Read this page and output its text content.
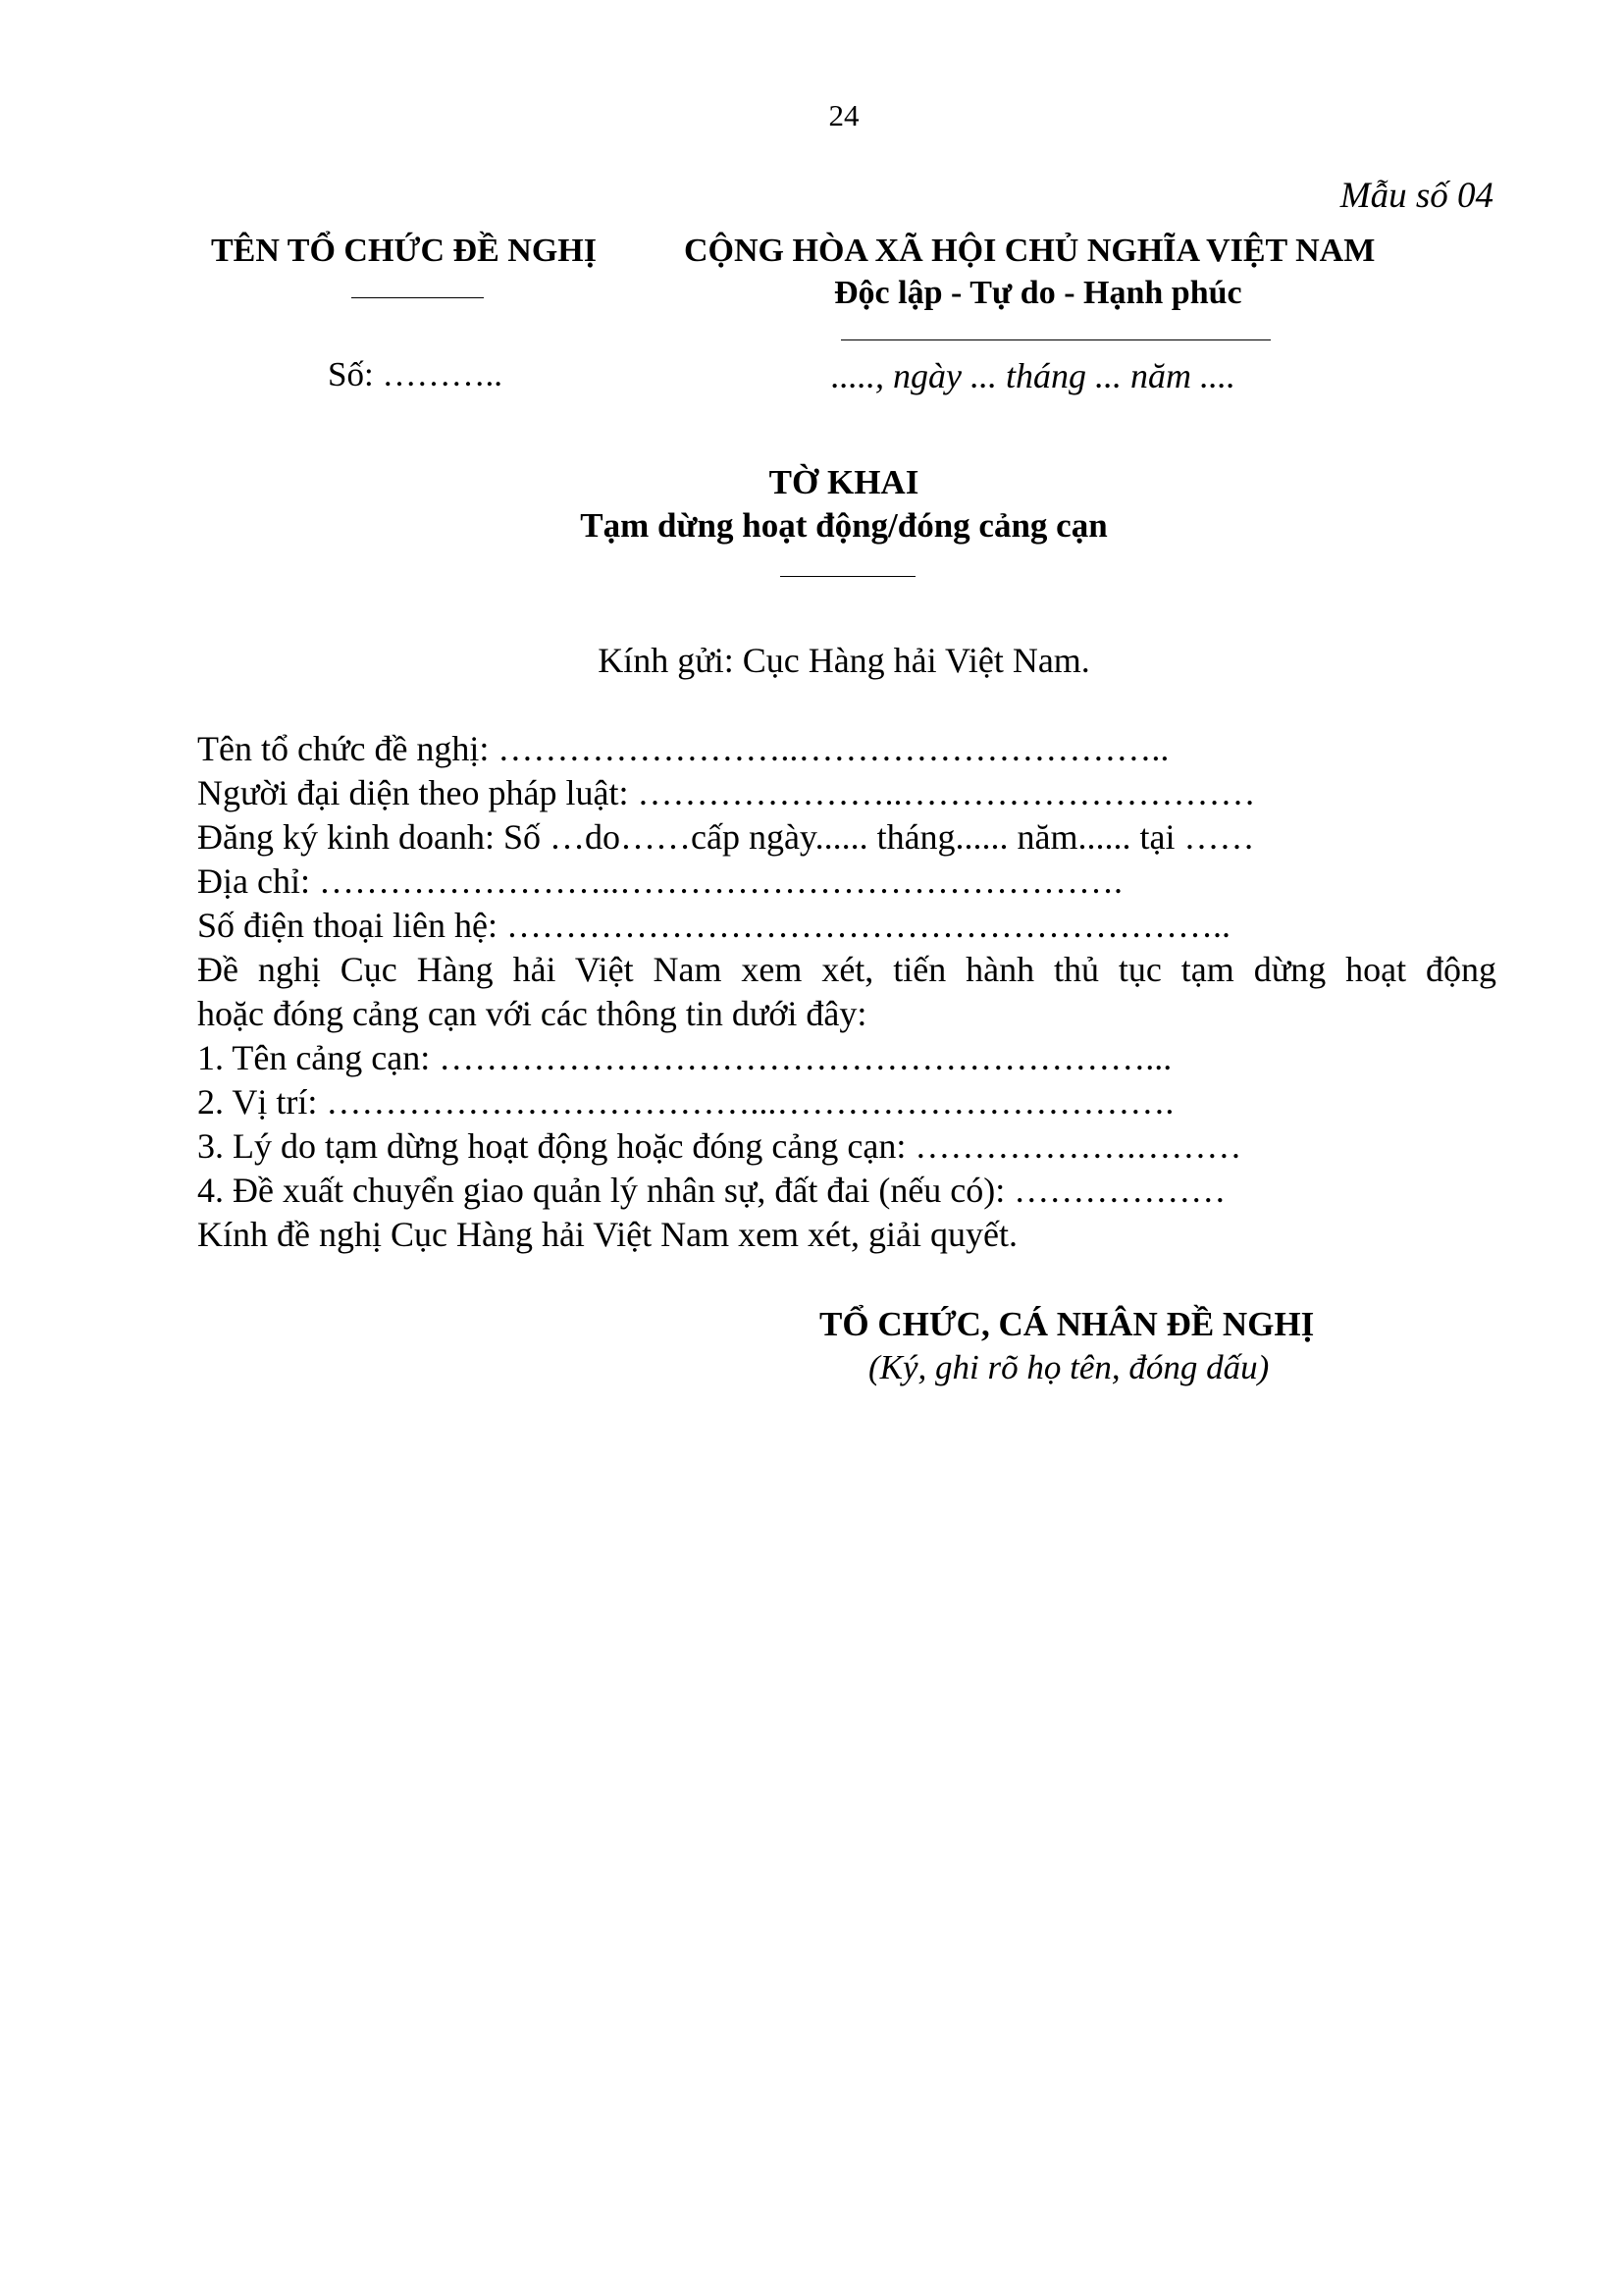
24
Mẫu số 04
TÊN TỔ CHỨC ĐỀ NGHỊ
Số: ………..
CỘNG HÒA XÃ HỘI CHỦ NGHĨA VIỆT NAM
Độc lập - Tự do - Hạnh phúc
....., ngày ... tháng ... năm ....
TỜ KHAI
Tạm dừng hoạt động/đóng cảng cạn
Kính gửi: Cục Hàng hải Việt Nam.
Tên tổ chức đề nghị: ……………………..…………………………..
Người đại diện theo pháp luật: …………………..…………………………
Đăng ký kinh doanh: Số …do……cấp ngày...... tháng...... năm...... tại ……
Địa chỉ: ……………………..…………………………………….
Số điện thoại liên hệ: ……………………………………………………..
Đề nghị Cục Hàng hải Việt Nam xem xét, tiến hành thủ tục tạm dừng hoạt động
hoặc đóng cảng cạn với các thông tin dưới đây:
1. Tên cảng cạn: ……………………………………………………...
2. Vị trí: ………………………………...…………………………….
3. Lý do tạm dừng hoạt động hoặc đóng cảng cạn: ……………….………
4. Đề xuất chuyển giao quản lý nhân sự, đất đai (nếu có): ………………
Kính đề nghị Cục Hàng hải Việt Nam xem xét, giải quyết.
TỔ CHỨC, CÁ NHÂN ĐỀ NGHỊ
(Ký, ghi rõ họ tên, đóng dấu)
